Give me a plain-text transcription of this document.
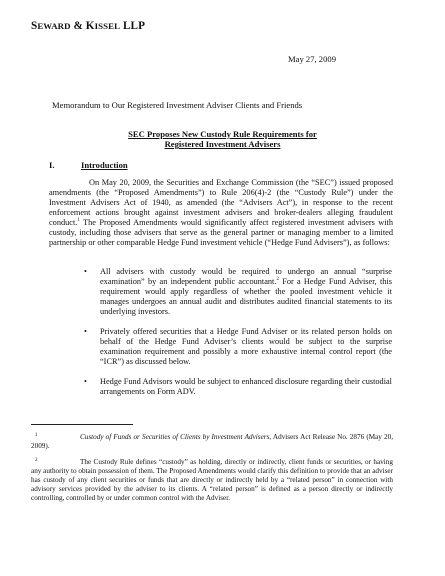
SEWARD & KISSEL LLP
May 27, 2009
Memorandum to Our Registered Investment Adviser Clients and Friends
SEC Proposes New Custody Rule Requirements for
Registered Investment Advisers
I.	Introduction

On May 20, 2009, the Securities and Exchange Commission (the “SEC”) issued proposed amendments (the “Proposed Amendments”) to Rule 206(4)-2 (the “Custody Rule”) under the Investment Advisers Act of 1940, as amended (the “Advisers Act”), in response to the recent enforcement actions brought against investment advisers and broker-dealers alleging fraudulent conduct.$^1$ The Proposed Amendments would significantly affect registered investment advisers with custody, including those advisers that serve as the general partner or managing member to a limited partnership or other comparable Hedge Fund investment vehicle (“Hedge Fund Advisers”), as follows:

• All advisers with custody would be required to undergo an annual “surprise examination” by an independent public accountant.$^2$ For a Hedge Fund Adviser, this requirement would apply regardless of whether the pooled investment vehicle it manages undergoes an annual audit and distributes audited financial statements to its underlying investors.

• Privately offered securities that a Hedge Fund Adviser or its related person holds on behalf of the Hedge Fund Adviser’s clients would be subject to the surprise examination requirement and possibly a more exhaustive internal control report (the “ICR”) as discussed below.

• Hedge Fund Advisors would be subject to enhanced disclosure regarding their custodial arrangements on Form ADV.

1	Custody of Funds or Securities of Clients by Investment Advisers, Advisers Act Release No. 2876 (May 20, 2009).
2	The Custody Rule defines “custody” as holding, directly or indirectly, client funds or securities, or having any authority to obtain possession of them. The Proposed Amendments would clarify this definition to provide that an adviser has custody of any client securities or funds that are directly or indirectly held by a “related person” in connection with advisory services provided by the adviser to its clients. A “related person” is defined as a person directly or indirectly controlling, controlled by or under common control with the Adviser.
